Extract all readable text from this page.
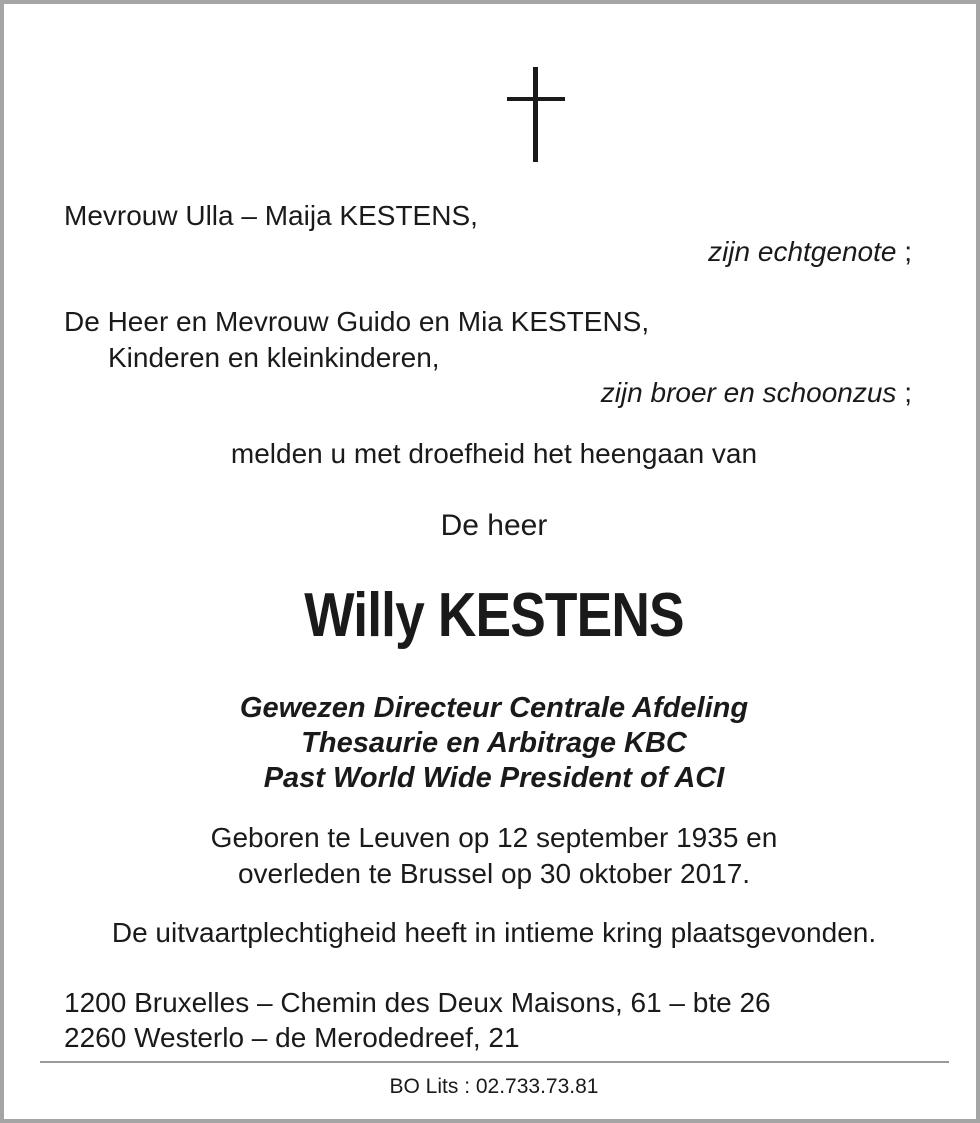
Mevrouw Ulla – Maija KESTENS,
zijn echtgenote ;
De Heer en Mevrouw Guido en Mia KESTENS,
Kinderen en kleinkinderen,
zijn broer en schoonzus ;
melden u met droefheid het heengaan van
De heer
Willy KESTENS
Gewezen Directeur Centrale Afdeling
Thesaurie en Arbitrage KBC
Past World Wide President of ACI
Geboren te Leuven op 12 september 1935 en
overleden te Brussel op 30 oktober 2017.
De uitvaartplechtigheid heeft in intieme kring plaatsgevonden.
1200 Bruxelles – Chemin des Deux Maisons, 61 – bte 26
2260 Westerlo – de Merodedreef, 21
BO Lits : 02.733.73.81
